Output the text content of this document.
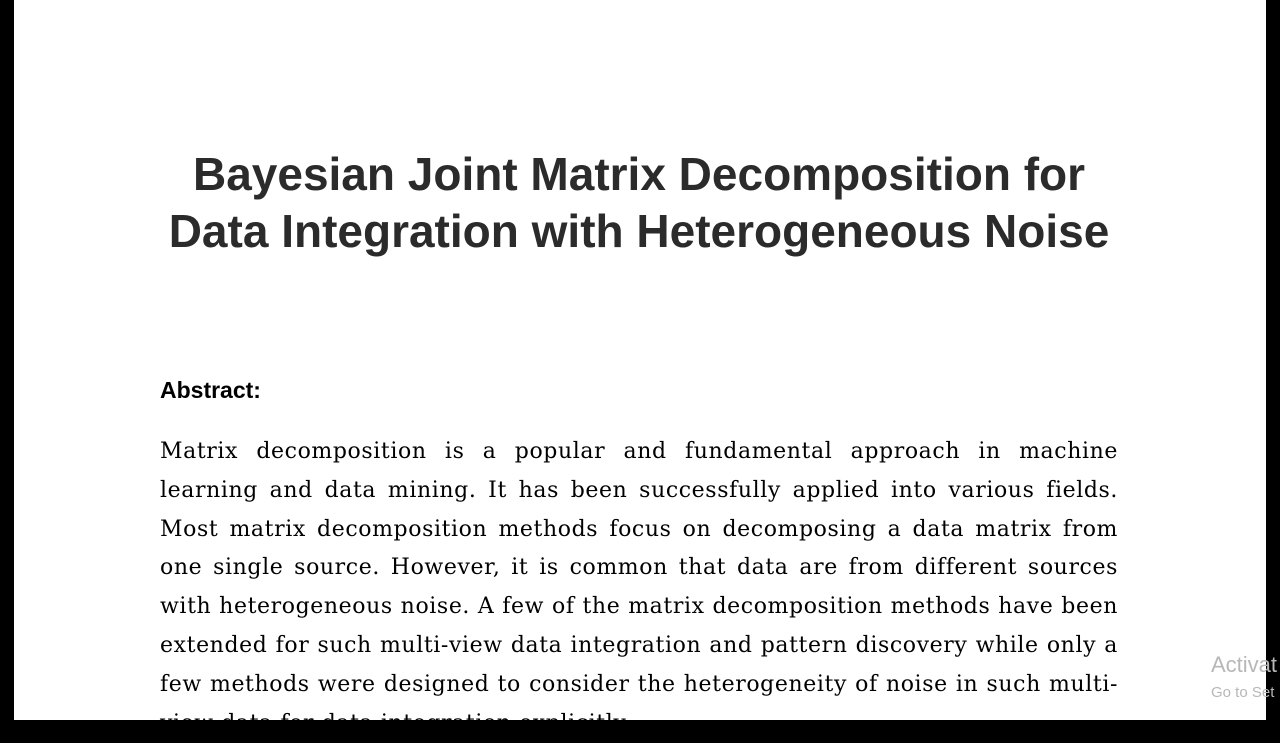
Bayesian Joint Matrix Decomposition for Data Integration with Heterogeneous Noise
Abstract:

Matrix decomposition is a popular and fundamental approach in machine learning and data mining. It has been successfully applied into various fields. Most matrix decomposition methods focus on decomposing a data matrix from one single source. However, it is common that data are from different sources with heterogeneous noise. A few of the matrix decomposition methods have been extended for such multi-view data integration and pattern discovery while only a few methods were designed to consider the heterogeneity of noise in such multi-view data for data integration explicitly.

Activat
Go to Set
